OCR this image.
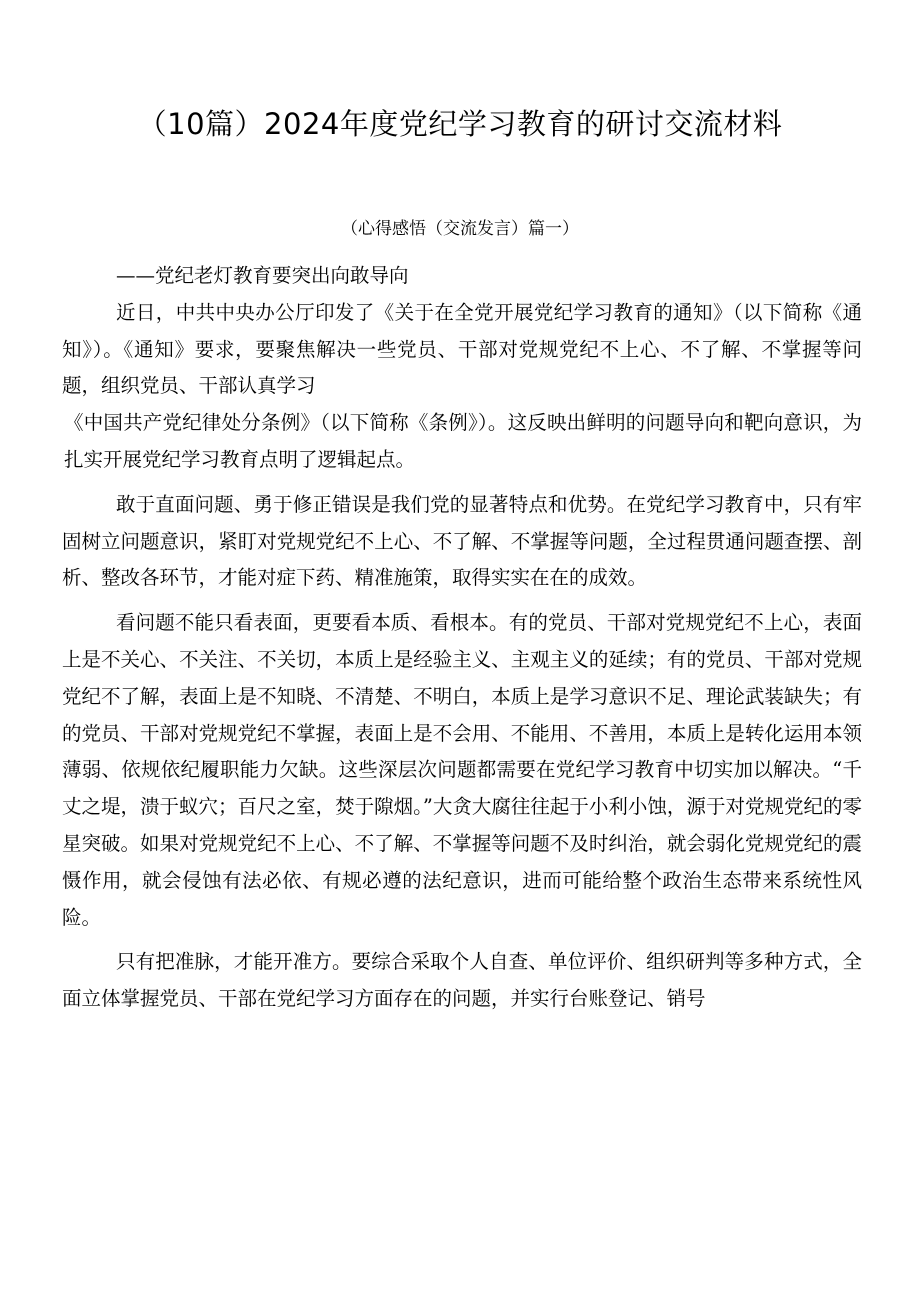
（10篇）2024年度党纪学习教育的研讨交流材料

（心得感悟（交流发言）篇一）

——党纪老灯教育要突出向敢导向

近日，中共中央办公厅印发了《关于在全党开展党纪学习教育的通知》（以下简称《通知》）。《通知》要求，要聚焦解决一些党员、干部对党规党纪不上心、不了解、不掌握等问题，组织党员、干部认真学习

《中国共产党纪律处分条例》（以下简称《条例》）。这反映出鲜明的问题导向和靶向意识，为扎实开展党纪学习教育点明了逻辑起点。

敢于直面问题、勇于修正错误是我们党的显著特点和优势。在党纪学习教育中，只有牢固树立问题意识，紧盯对党规党纪不上心、不了解、不掌握等问题，全过程贯通问题查摆、剖析、整改各环节，才能对症下药、精准施策，取得实实在在的成效。

看问题不能只看表面，更要看本质、看根本。有的党员、干部对党规党纪不上心，表面上是不关心、不关注、不关切，本质上是经验主义、主观主义的延续；有的党员、干部对党规党纪不了解，表面上是不知晓、不清楚、不明白，本质上是学习意识不足、理论武装缺失；有的党员、干部对党规党纪不掌握，表面上是不会用、不能用、不善用，本质上是转化运用本领薄弱、依规依纪履职能力欠缺。这些深层次问题都需要在党纪学习教育中切实加以解决。“千丈之堤，溃于蚁穴；百尺之室，焚于隙烟。”大贪大腐往往起于小利小蚀，源于对党规党纪的零星突破。如果对党规党纪不上心、不了解、不掌握等问题不及时纠治，就会弱化党规党纪的震慑作用，就会侵蚀有法必依、有规必遵的法纪意识，进而可能给整个政治生态带来系统性风险。

只有把准脉，才能开准方。要综合采取个人自查、单位评价、组织研判等多种方式，全面立体掌握党员、干部在党纪学习方面存在的问题，并实行台账登记、销号
